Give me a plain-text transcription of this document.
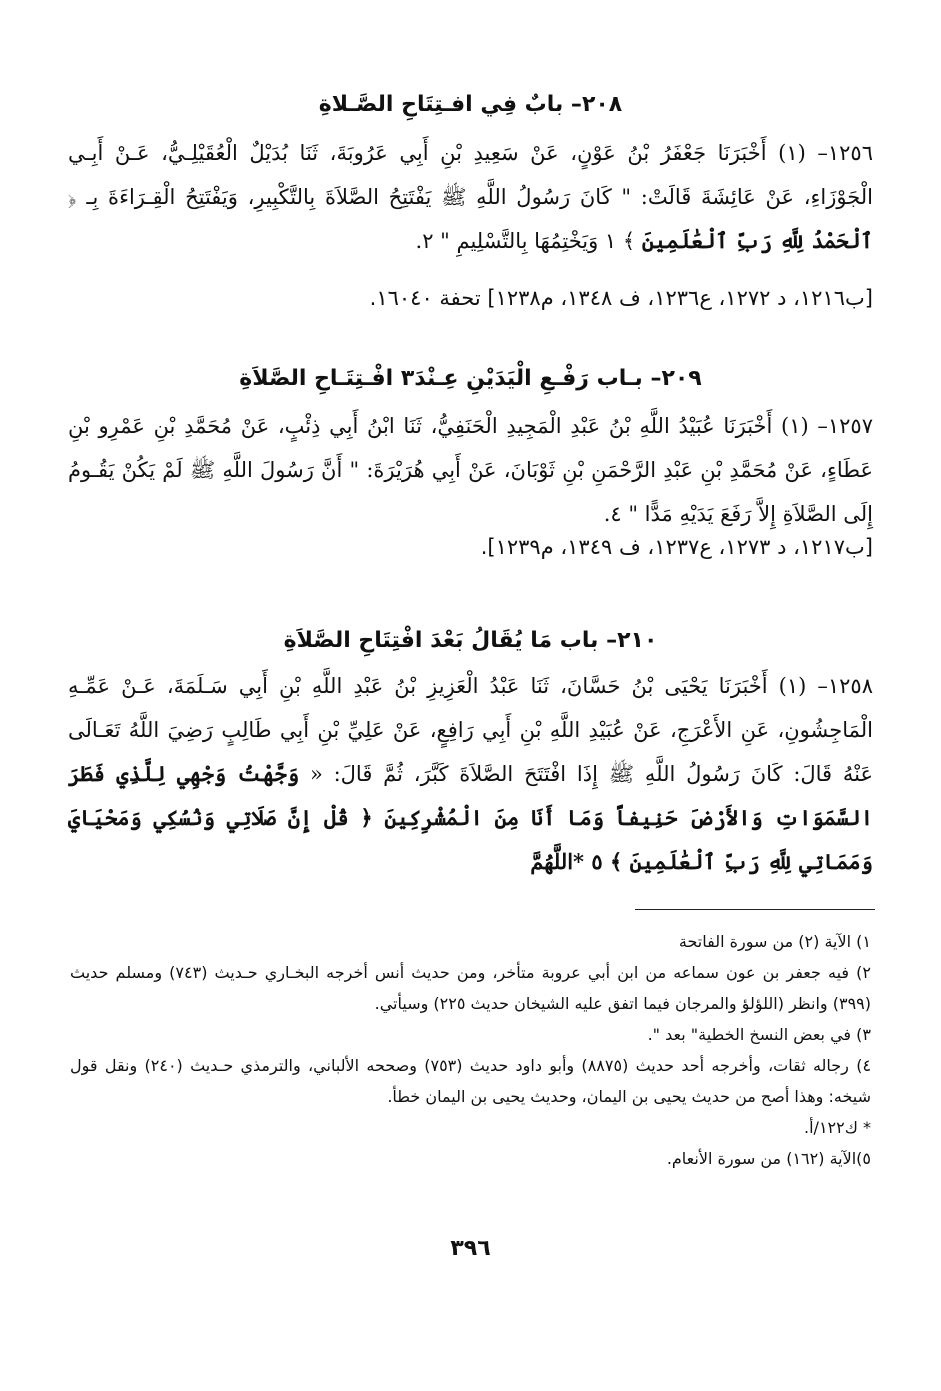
٢٠٨– بابٌ فِي افـتِتَاحِ الصَّـلاةِ
١٢٥٦– (١) أَخْبَرَنَا جَعْفَرُ بْنُ عَوْنٍ، عَنْ سَعِيدِ بْنِ أَبِي عَرُوبَةَ، ثَنَا بُدَيْلٌ الْعُقَيْلِـيُّ، عَـنْ أَبِـي الْجَوْزَاءِ، عَنْ عَائِشَةَ قَالَتْ: " كَانَ رَسُولُ اللَّهِ ﷺ يَفْتَتِحُ الصَّلاَةَ بِالتَّكْبِيرِ، وَيَفْتَتِحُ الْقِـرَاءَةَ بِـ ﴿ ٱلْحَمْدُ لِلَّهِ رَبِّ ٱلْعَٰلَمِينَ ﴾ ١ وَيَخْتِمُهَا بِالتَّسْلِيمِ " ٢.
[ب١٢١٦، د ١٢٧٢، ع١٢٣٦، ف ١٣٤٨، م١٢٣٨] تحفة ١٦٠٤٠.
٢٠٩– بـاب رَفْـعِ الْيَدَيْنِ عِـنْدَ٣ افْـتِتَـاحِ الصَّلاَةِ
١٢٥٧– (١) أَخْبَرَنَا عُبَيْدُ اللَّهِ بْنُ عَبْدِ الْمَجِيدِ الْحَنَفِيُّ، ثَنَا ابْنُ أَبِي ذِئْبٍ، عَنْ مُحَمَّدِ بْنِ عَمْرِو بْنِ عَطَاءٍ، عَنْ مُحَمَّدِ بْنِ عَبْدِ الرَّحْمَنِ بْنِ ثَوْبَانَ، عَنْ أَبِي هُرَيْرَةَ: " أَنَّ رَسُولَ اللَّهِ ﷺ لَمْ يَكُنْ يَقُـومُ إِلَى الصَّلاَةِ إِلاَّ رَفَعَ يَدَيْهِ مَدًّا " ٤.
[ب١٢١٧، د ١٢٧٣، ع١٢٣٧، ف ١٣٤٩، م١٢٣٩].
٢١٠– باب مَا يُقَالُ بَعْدَ افْتِتَاحِ الصَّلاَةِ
١٢٥٨– (١) أَخْبَرَنَا يَحْيَى بْنُ حَسَّانَ، ثَنَا عَبْدُ الْعَزِيزِ بْنُ عَبْدِ اللَّهِ بْنِ أَبِي سَـلَمَةَ، عَـنْ عَمِّـهِ الْمَاجِشُونِ، عَنِ الأَعْرَجِ، عَنْ عُبَيْدِ اللَّهِ بْنِ أَبِي رَافِعٍ، عَنْ عَلِيِّ بْنِ أَبِي طَالِبٍ رَضِيَ اللَّهُ تَعَـالَى عَنْهُ قَالَ: كَانَ رَسُولُ اللَّهِ ﷺ إِذَا افْتَتَحَ الصَّلاَةَ كَبَّرَ، ثُمَّ قَالَ: « وَجَّهْتُ وَجْهِي لِلَّذِي فَطَرَ السَّمَوَاتِ وَالأَرْضَ حَنِيفاً وَمَا أَنَا مِنَ الْمُشْرِكِينَ ﴿ قُلْ إِنَّ صَلَاتِي وَنُسُكِي وَمَحْيَايَ وَمَمَاتِي لِلَّهِ رَبِّ ٱلْعَٰلَمِينَ ﴾ ٥ *اللَّهُمَّ
١) الآية (٢) من سورة الفاتحة
٢) فيه جعفر بن عون سماعه من ابن أبي عروبة متأخر، ومن حديث أنس أخرجه البخـاري حـديث (٧٤٣) ومسلم حديث (٣٩٩) وانظر (اللؤلؤ والمرجان فيما اتفق عليه الشيخان حديث ٢٢٥) وسيأتي.
٣) في بعض النسخ الخطية" بعد ".
٤) رجاله ثقات، وأخرجه أحد حديث (٨٨٧٥) وأبو داود حديث (٧٥٣) وصححه الألباني، والترمذي حـديث (٢٤٠) ونقل قول شيخه: وهذا أصح من حديث يحيى بن اليمان، وحديث يحيى بن اليمان خطأ.
* ك١٢٢/أ.
٥)الآية (١٦٢) من سورة الأنعام.
٣٩٦
